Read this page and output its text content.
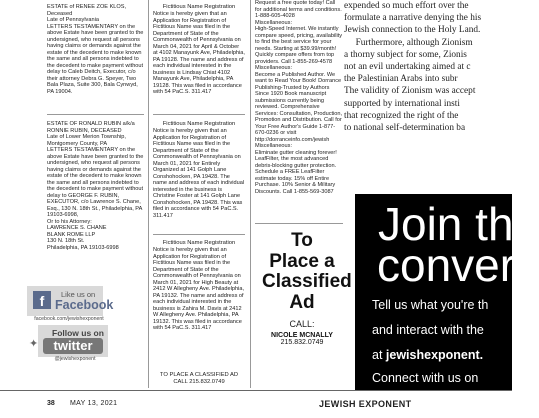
ESTATE of RENEE ZOE KLOS, Deceased
Late of Pennsylvania
LETTERS TESTAMENTARY on the above Estate have been granted to the undersigned, who request all persons having claims or demands against the estate of the decedent to make known the same and all persons indebted to the decedent to make payment without delay to Caleb Deitch, Executor, c/o their attorney Debra G. Speyer, Two Bala Plaza, Suite 300, Bala Cynwyd, PA 19004.

ESTATE OF RONALD RUBIN a/k/a RONNIE RUBIN, DECEASED
Late of Lower Merion Township, Montgomery County, PA
LETTERS TESTAMENTARY on the above Estate have been granted to the undersigned, who request all persons having claims or demands against the estate of the decedent to make known the same and all persons indebted to the decedent to make payment without delay to GEORGE F. RUBIN, EXECUTOR, c/o Lawrence S. Chane, Esq., 130 N. 18th St., Philadelphia, PA 19103-6998,
Or to his Attorney:
LAWRENCE S. CHANE
BLANK ROME LLP
130 N. 18th St.
Philadelphia, PA 19103-6998

f	Like us on
Facebook
facebook.com/jewishexponent
Follow us on
twitter
✦
@jewishexponent
Fictitious Name Registration
Notice is hereby given that an Application for Registration of Fictitious Name was filed in the Department of State of the Commonwealth of Pennsylvania on March 04, 2021 for April & October at 4102 Manayunk Ave, Philadelphia, PA 19128. The name and address of each individual interested in the business is Lindsay Chiat 4102 Manayunk Ave, Philadelphia, PA 19128. This was filed in accordance with 54 PaC.S. 311.417
Fictitious Name Registration
Notice is hereby given that an Application for Registration of Fictitious Name was filed in the Department of State of the Commonwealth of Pennsylvania on March 01, 2021 for Entirely Organized at 141 Golph Lane Conshohocken, PA 19428. The name and address of each individual interested in the business is Christine Foster at 141 Golph Lane Conshohocken, PA 19428. This was filed in accordance with 54 PaC.S. 311.417
Fictitious Name Registration
Notice is hereby given that an Application for Registration of Fictitious Name was filed in the Department of State of the Commonwealth of Pennsylvania on March 01, 2021 for High Beauty at 2412 W Allegheny Ave. Philadelphia, PA 19132. The name and address of each individual interested in the business is Zahira M. Davis at 2412 W Allegheny Ave. Philadelphia, PA 19132. This was filed in accordance with 54 PaC.S. 311.417
TO PLACE A CLASSIFIED AD
CALL 215.832.0749

Request a free quote today! Call for additional terms and conditions. 1-888-605-4028
Miscellaneous:
High-Speed Internet. We instantly compare speed, pricing, availability to find the best service for your needs. Starting at $39.99/month! Quickly compare offers from top providers. Call 1-855-269-4578
Miscellaneous:
Become a Published Author. We want to Read Your Book! Dorrance Publishing-Trusted by Authors Since 1920 Book manuscript submissions currently being reviewed. Comprehensive Services: Consultation, Production, Promotion and Distribution. Call for Your Free Author's Guide 1-877-670-0236 or visit
http://dorranceinfo.com/jewish
Miscellaneous:
Eliminate gutter cleaning forever! LeafFilter, the most advanced debris-blocking gutter protection. Schedule a FREE LeafFilter estimate today. 15% off Entire Purchase. 10% Senior & Military Discounts. Call 1-855-569-3087

To
Place a
Classified
Ad
CALL:
NICOLE MCNALLY
215.832.0749

expended so much effort over the

formulate a narrative denying the his

Jewish connection to the Holy Land.

Furthermore, although Zionism

a thorny subject for some, Zionis

not an evil undertaking aimed at c

the Palestinian Arabs into subr

The validity of Zionism was accept

supported by international insti

that recognized the right of the

to national self-determination ba

Join the
conver
Tell us what you're th
and interact with the
at jewishexponent.
Connect with us on
38 MAY 13, 2021	JEWISH EXPONENT
